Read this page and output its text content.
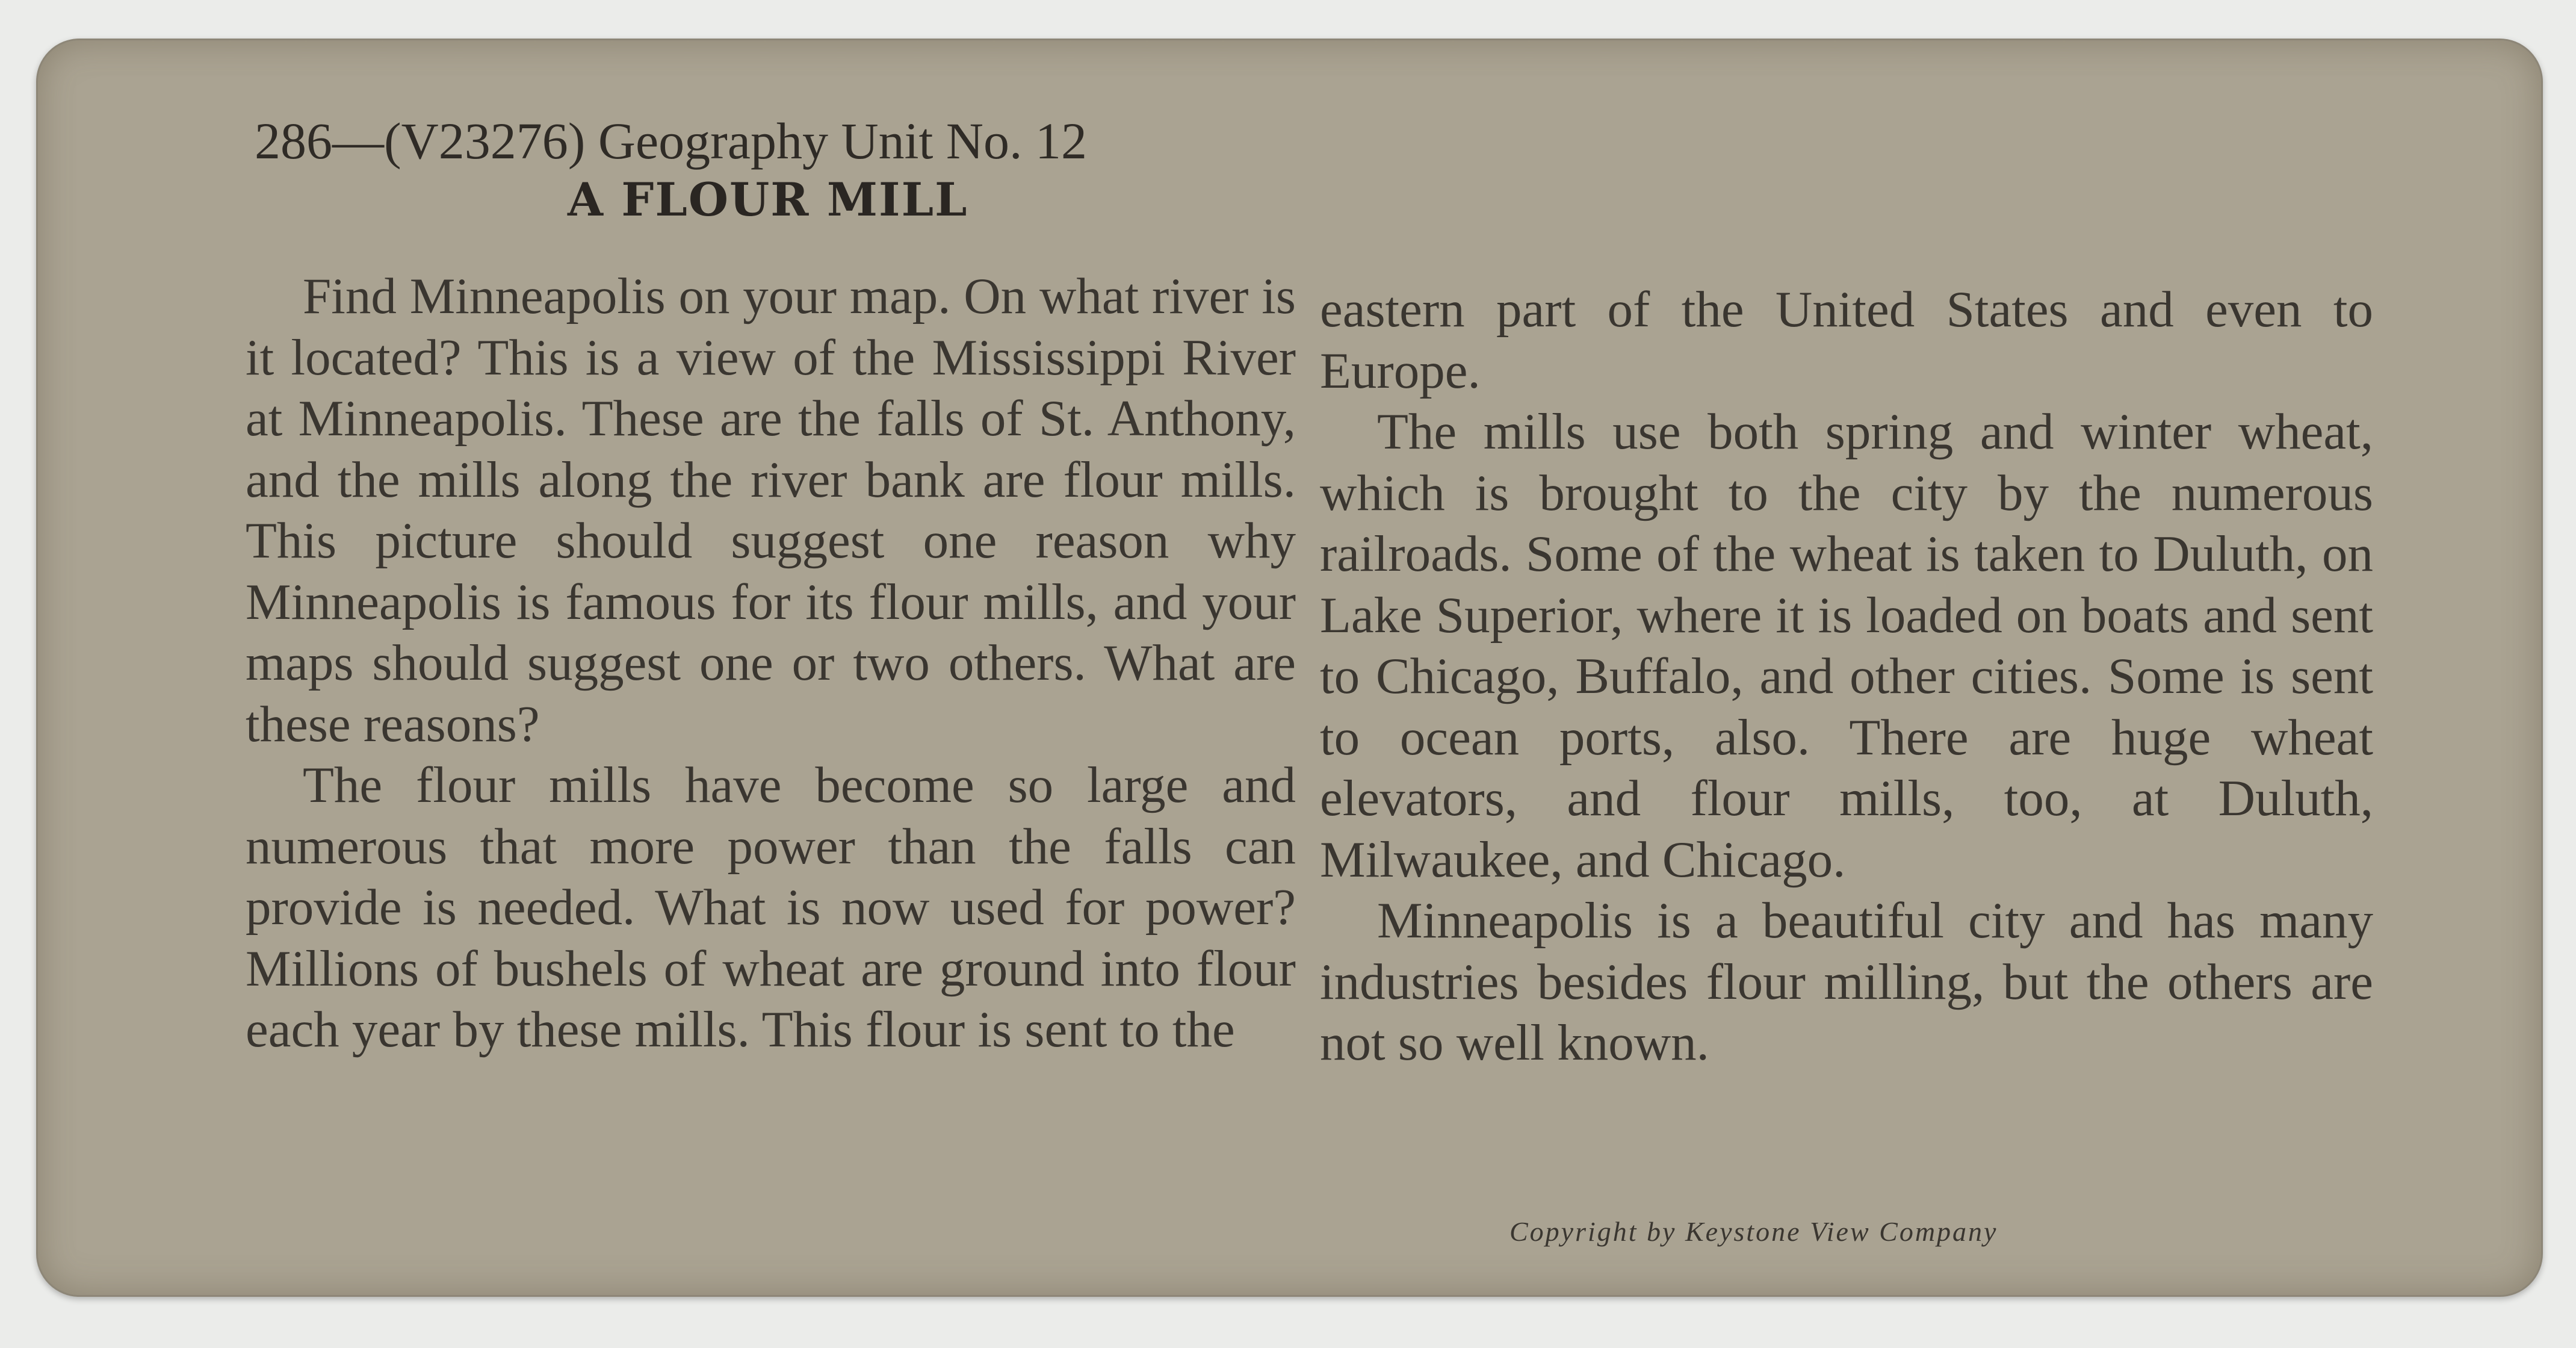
286—(V23276) Geography Unit No. 12
A FLOUR MILL

Find Minneapolis on your map. On what river is it located? This is a view of the Mississippi River at Minneapolis. These are the falls of St. Anthony, and the mills along the river bank are flour mills. This picture should suggest one reason why Minneapolis is famous for its flour mills, and your maps should suggest one or two others. What are these reasons?

The flour mills have become so large and numerous that more power than the falls can provide is needed. What is now used for power? Millions of bushels of wheat are ground into flour each year by these mills. This flour is sent to the

eastern part of the United States and even to Europe.

The mills use both spring and winter wheat, which is brought to the city by the numerous railroads. Some of the wheat is taken to Duluth, on Lake Superior, where it is loaded on boats and sent to Chicago, Buffalo, and other cities. Some is sent to ocean ports, also. There are huge wheat elevators, and flour mills, too, at Duluth, Milwaukee, and Chicago.

Minneapolis is a beautiful city and has many industries besides flour milling, but the others are not so well known.

Copyright by Keystone View Company
